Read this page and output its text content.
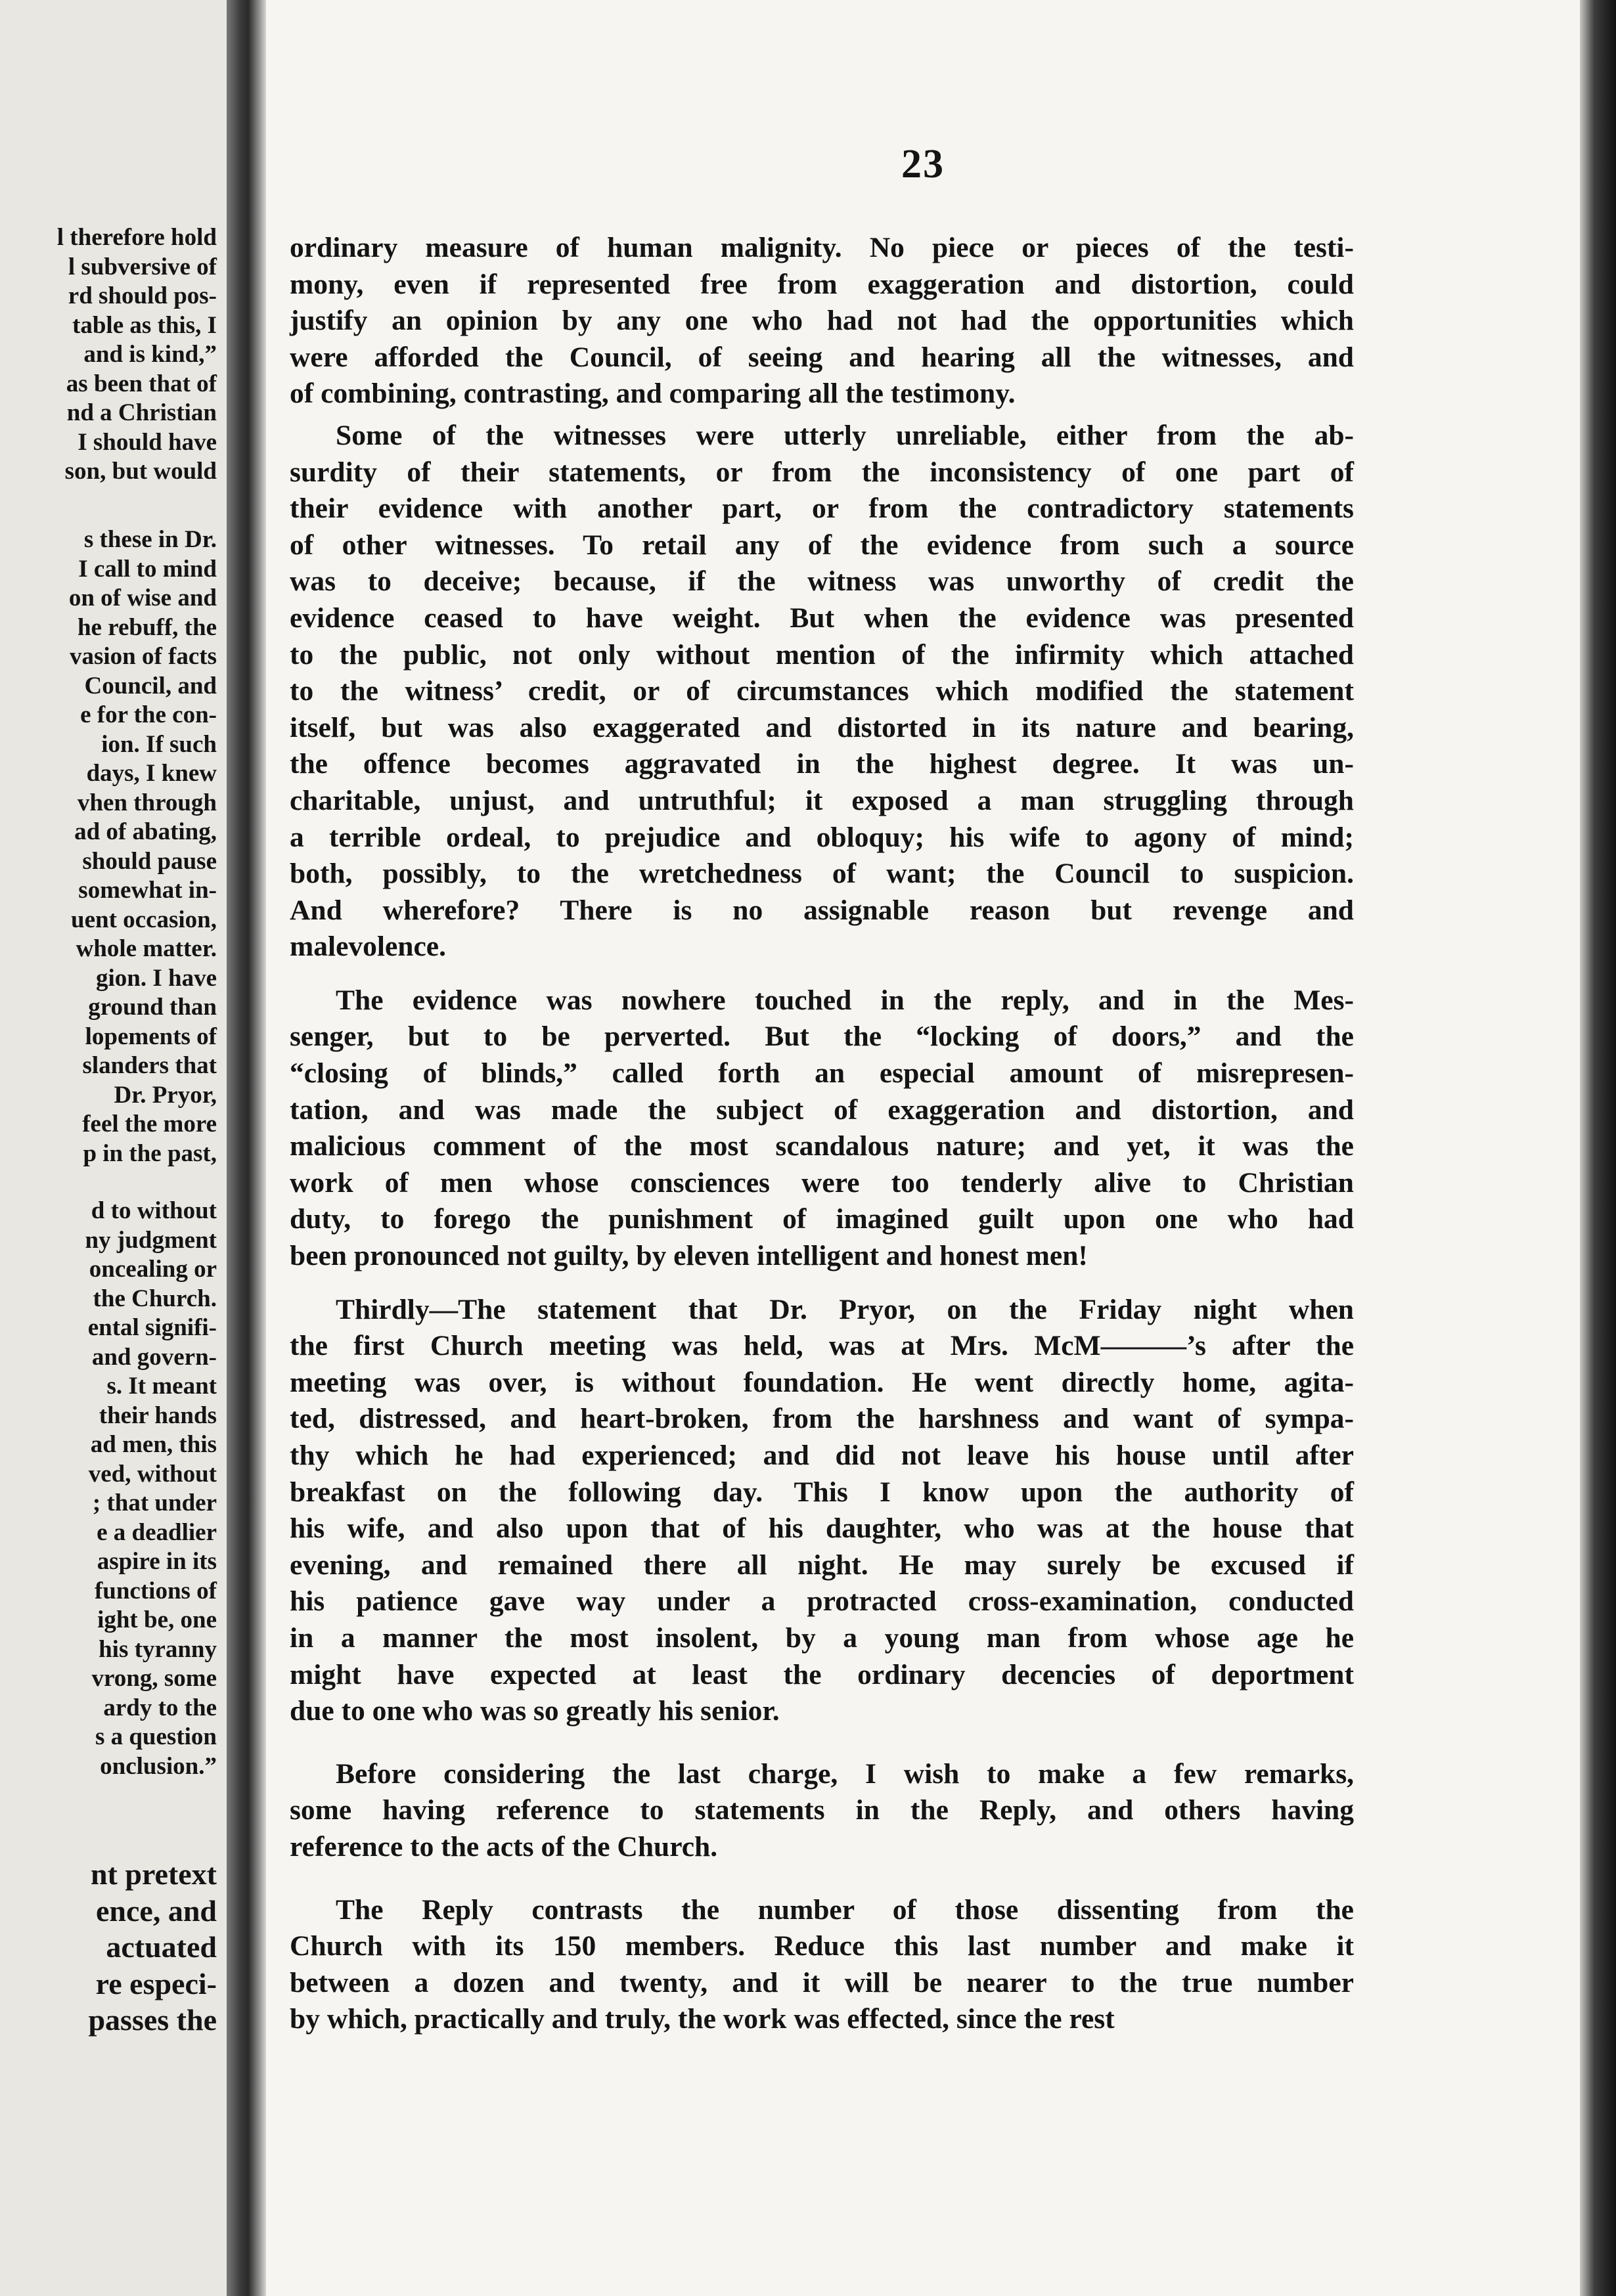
l therefore hold
l subversive of
rd should pos-
table as this, I
and is kind,”
as been that of
nd a Christian
I should have
son, but would
s these in Dr.
I call to mind
on of wise and
he rebuff, the
vasion of facts
Council, and
e for the con-
ion. If such
days, I knew
vhen through
ad of abating,
should pause
somewhat in-
uent occasion,
whole matter.
gion. I have
ground than
lopements of
slanders that
Dr. Pryor,
feel the more
p in the past,
d to without
ny judgment
oncealing or
the Church.
ental signifi-
and govern-
s. It meant
their hands
ad men, this
ved, without
; that under
e a deadlier
aspire in its
functions of
ight be, one
his tyranny
vrong, some
ardy to the
s a question
onclusion.”
nt pretext
ence, and
actuated
re especi-
passes the
23
ordinary measure of human malignity. No piece or pieces of the testi-
mony, even if represented free from exaggeration and distortion, could
justify an opinion by any one who had not had the opportunities which
were afforded the Council, of seeing and hearing all the witnesses, and
of combining, contrasting, and comparing all the testimony.
Some of the witnesses were utterly unreliable, either from the ab-
surdity of their statements, or from the inconsistency of one part of
their evidence with another part, or from the contradictory statements
of other witnesses. To retail any of the evidence from such a source
was to deceive; because, if the witness was unworthy of credit the
evidence ceased to have weight. But when the evidence was presented
to the public, not only without mention of the infirmity which attached
to the witness’ credit, or of circumstances which modified the statement
itself, but was also exaggerated and distorted in its nature and bearing,
the offence becomes aggravated in the highest degree. It was un-
charitable, unjust, and untruthful; it exposed a man struggling through
a terrible ordeal, to prejudice and obloquy; his wife to agony of mind;
both, possibly, to the wretchedness of want; the Council to suspicion.
And wherefore? There is no assignable reason but revenge and
malevolence.
The evidence was nowhere touched in the reply, and in the Mes-
senger, but to be perverted. But the “locking of doors,” and the
“closing of blinds,” called forth an especial amount of misrepresen-
tation, and was made the subject of exaggeration and distortion, and
malicious comment of the most scandalous nature; and yet, it was the
work of men whose consciences were too tenderly alive to Christian
duty, to forego the punishment of imagined guilt upon one who had
been pronounced not guilty, by eleven intelligent and honest men!
Thirdly—The statement that Dr. Pryor, on the Friday night when
the first Church meeting was held, was at Mrs. McM———’s after the
meeting was over, is without foundation. He went directly home, agita-
ted, distressed, and heart-broken, from the harshness and want of sympa-
thy which he had experienced; and did not leave his house until after
breakfast on the following day. This I know upon the authority of
his wife, and also upon that of his daughter, who was at the house that
evening, and remained there all night. He may surely be excused if
his patience gave way under a protracted cross-examination, conducted
in a manner the most insolent, by a young man from whose age he
might have expected at least the ordinary decencies of deportment
due to one who was so greatly his senior.
Before considering the last charge, I wish to make a few remarks,
some having reference to statements in the Reply, and others having
reference to the acts of the Church.
The Reply contrasts the number of those dissenting from the
Church with its 150 members. Reduce this last number and make it
between a dozen and twenty, and it will be nearer to the true number
by which, practically and truly, the work was effected, since the rest
